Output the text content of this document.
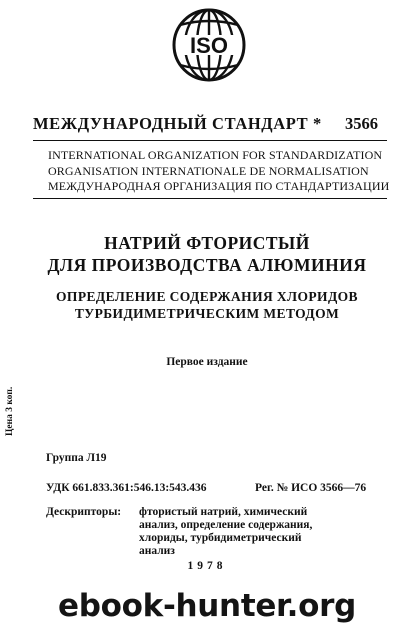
ISO
МЕЖДУНАРОДНЫЙ СТАНДАРТ * 3566
INTERNATIONAL ORGANIZATION FOR STANDARDIZATION
ORGANISATION INTERNATIONALE DE NORMALISATION
МЕЖДУНАРОДНАЯ ОРГАНИЗАЦИЯ ПО СТАНДАРТИЗАЦИИ
НАТРИЙ ФТОРИСТЫЙ
ДЛЯ ПРОИЗВОДСТВА АЛЮМИНИЯ
ОПРЕДЕЛЕНИЕ СОДЕРЖАНИЯ ХЛОРИДОВ
ТУРБИДИМЕТРИЧЕСКИМ МЕТОДОМ
Первое издание
Цена 3 коп.
Группа Л19
УДК 661.833.361:546.13:543.436	Рег. № ИСО 3566—76
Дескрипторы: фтористый натрий, химический
анализ, определение содержания,
хлориды, турбидиметрический
анализ
1978
ebook-hunter.org
